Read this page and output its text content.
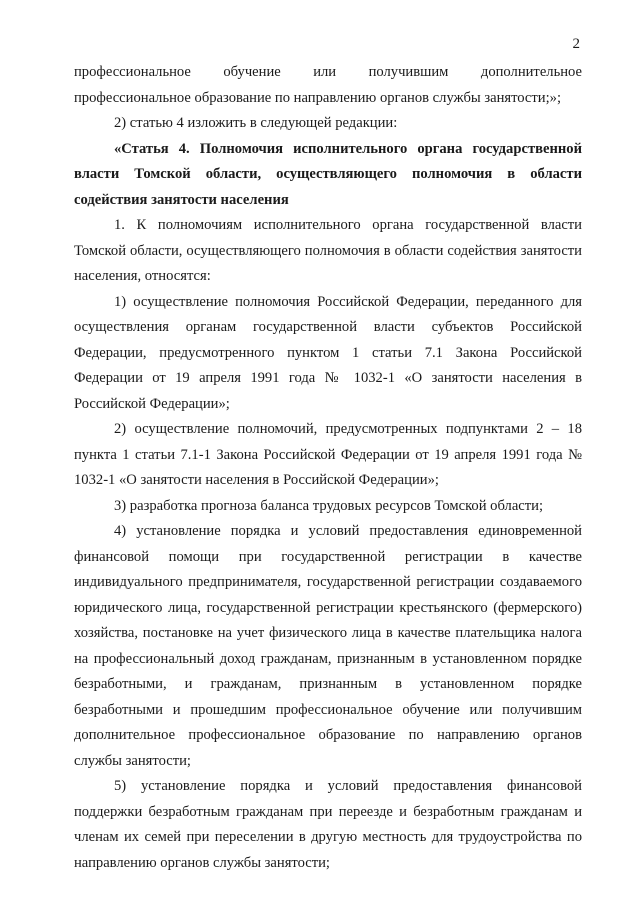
2

профессиональное обучение или получившим дополнительное профессиональное образование по направлению органов службы занятости;»;

2) статью 4 изложить в следующей редакции:

«Статья 4. Полномочия исполнительного органа государственной власти Томской области, осуществляющего полномочия в области содействия занятости населения

1. К полномочиям исполнительного органа государственной власти Томской области, осуществляющего полномочия в области содействия занятости населения, относятся:

1) осуществление полномочия Российской Федерации, переданного для осуществления органам государственной власти субъектов Российской Федерации, предусмотренного пунктом 1 статьи 7.1 Закона Российской Федерации от 19 апреля 1991 года № 1032-1 «О занятости населения в Российской Федерации»;

2) осуществление полномочий, предусмотренных подпунктами 2 – 18 пункта 1 статьи 7.1-1 Закона Российской Федерации от 19 апреля 1991 года № 1032-1 «О занятости населения в Российской Федерации»;

3) разработка прогноза баланса трудовых ресурсов Томской области;

4) установление порядка и условий предоставления единовременной финансовой помощи при государственной регистрации в качестве индивидуального предпринимателя, государственной регистрации создаваемого юридического лица, государственной регистрации крестьянского (фермерского) хозяйства, постановке на учет физического лица в качестве плательщика налога на профессиональный доход гражданам, признанным в установленном порядке безработными, и гражданам, признанным в установленном порядке безработными и прошедшим профессиональное обучение или получившим дополнительное профессиональное образование по направлению органов службы занятости;

5) установление порядка и условий предоставления финансовой поддержки безработным гражданам при переезде и безработным гражданам и членам их семей при переселении в другую местность для трудоустройства по направлению органов службы занятости;
